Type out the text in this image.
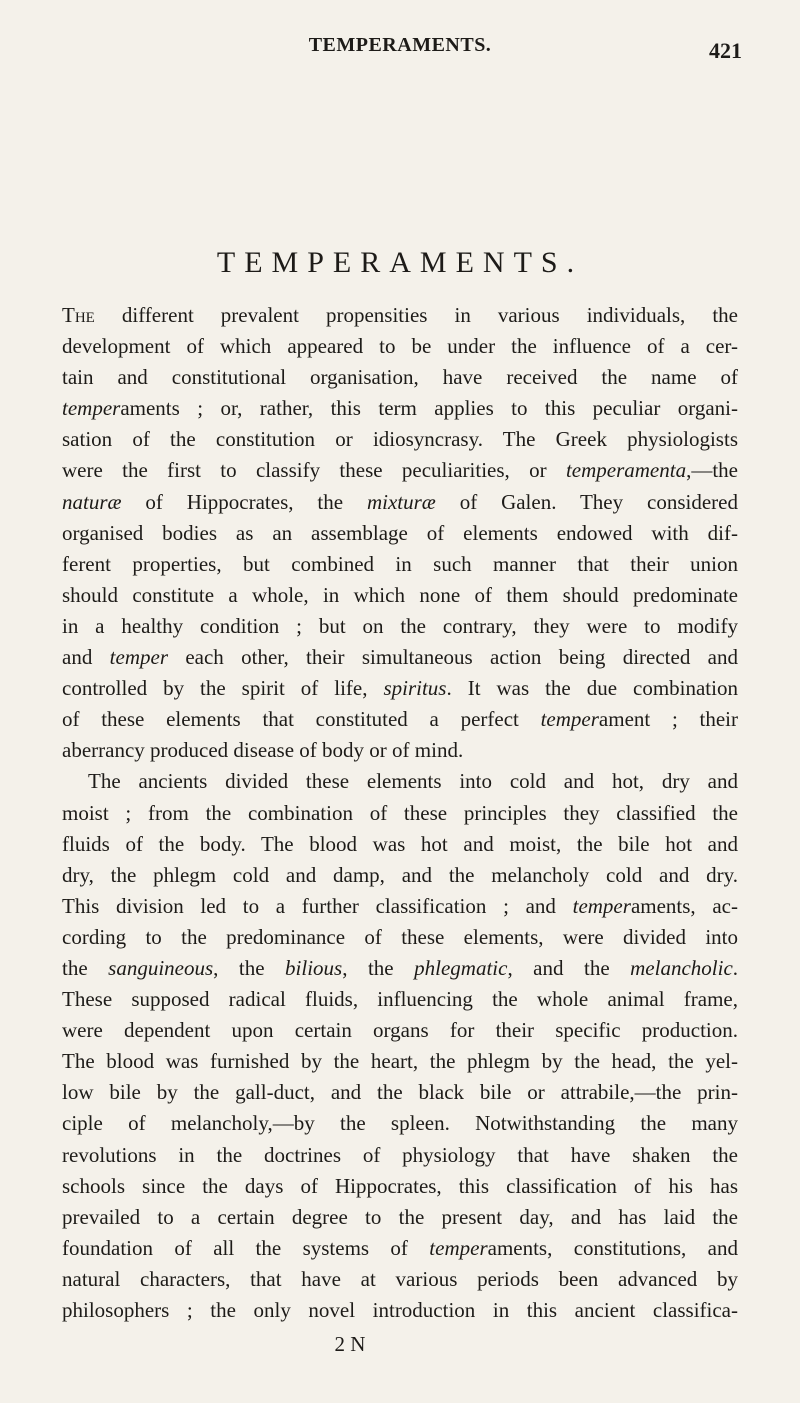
TEMPERAMENTS.	421
TEMPERAMENTS.
The different prevalent propensities in various individuals, the
development of which appeared to be under the influence of a cer-
tain and constitutional organisation, have received the name of
temperaments ; or, rather, this term applies to this peculiar organi-
sation of the constitution or idiosyncrasy. The Greek physiologists
were the first to classify these peculiarities, or temperamenta,—the
naturæ of Hippocrates, the mixturæ of Galen. They considered
organised bodies as an assemblage of elements endowed with dif-
ferent properties, but combined in such manner that their union
should constitute a whole, in which none of them should predominate
in a healthy condition ; but on the contrary, they were to modify
and temper each other, their simultaneous action being directed and
controlled by the spirit of life, spiritus. It was the due combination
of these elements that constituted a perfect temperament ; their
aberrancy produced disease of body or of mind.
The ancients divided these elements into cold and hot, dry and
moist ; from the combination of these principles they classified the
fluids of the body. The blood was hot and moist, the bile hot and
dry, the phlegm cold and damp, and the melancholy cold and dry.
This division led to a further classification ; and temperaments, ac-
cording to the predominance of these elements, were divided into
the sanguineous, the bilious, the phlegmatic, and the melancholic.
These supposed radical fluids, influencing the whole animal frame,
were dependent upon certain organs for their specific production.
The blood was furnished by the heart, the phlegm by the head, the yel-
low bile by the gall-duct, and the black bile or attrabile,—the prin-
ciple of melancholy,—by the spleen. Notwithstanding the many
revolutions in the doctrines of physiology that have shaken the
schools since the days of Hippocrates, this classification of his has
prevailed to a certain degree to the present day, and has laid the
foundation of all the systems of temperaments, constitutions, and
natural characters, that have at various periods been advanced by
philosophers ; the only novel introduction in this ancient classifica-
2 N
